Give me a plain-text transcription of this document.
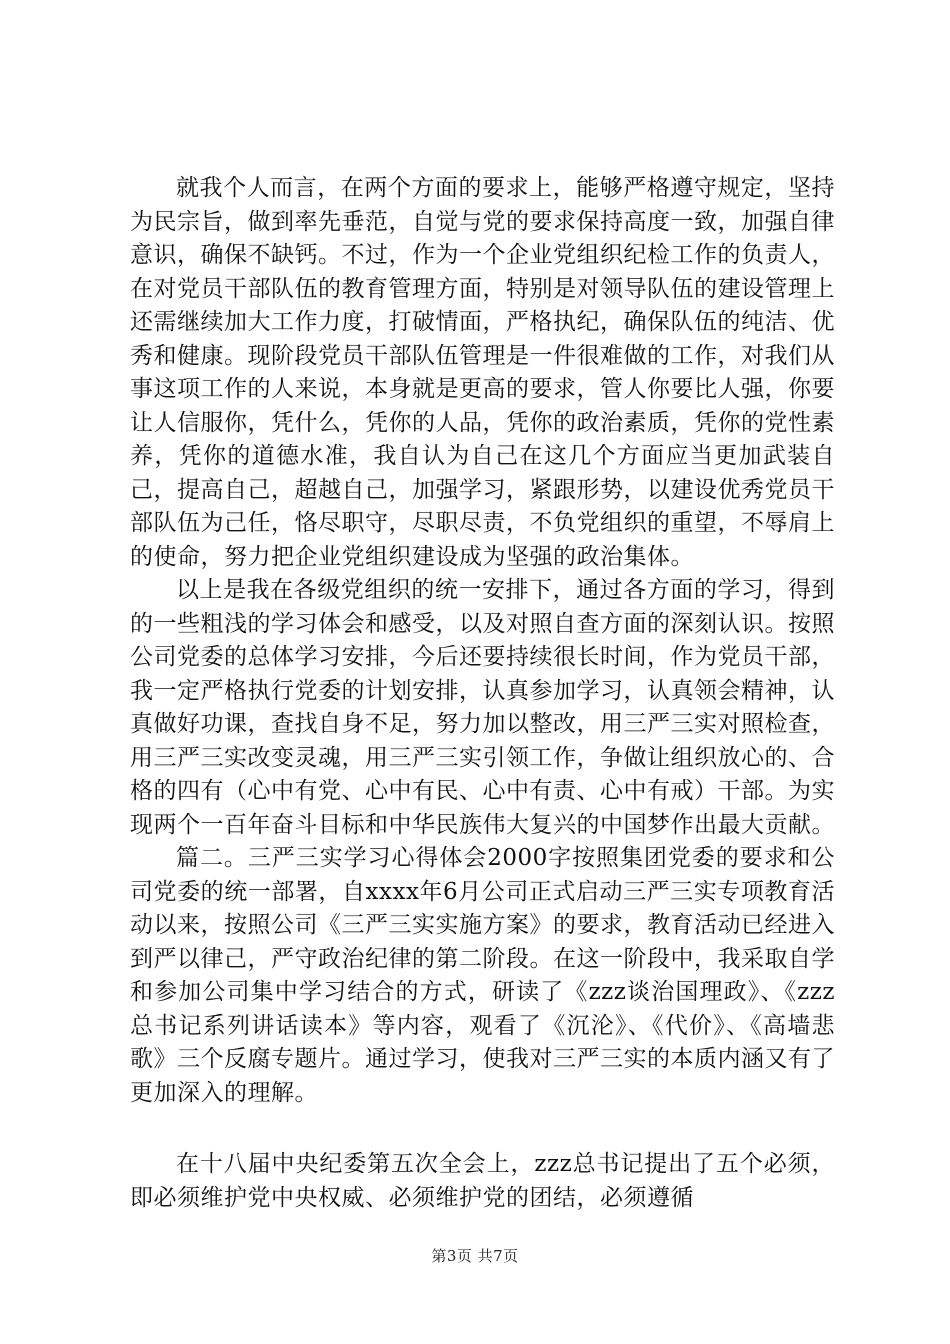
就我个人而言，在两个方面的要求上，能够严格遵守规定，坚持为民宗旨，做到率先垂范，自觉与党的要求保持高度一致，加强自律意识，确保不缺钙。不过，作为一个企业党组织纪检工作的负责人，在对党员干部队伍的教育管理方面，特别是对领导队伍的建设管理上还需继续加大工作力度，打破情面，严格执纪，确保队伍的纯洁、优秀和健康。现阶段党员干部队伍管理是一件很难做的工作，对我们从事这项工作的人来说，本身就是更高的要求，管人你要比人强，你要让人信服你，凭什么，凭你的人品，凭你的政治素质，凭你的党性素养，凭你的道德水准，我自认为自己在这几个方面应当更加武装自己，提高自己，超越自己，加强学习，紧跟形势，以建设优秀党员干部队伍为己任，恪尽职守，尽职尽责，不负党组织的重望，不辱肩上的使命，努力把企业党组织建设成为坚强的政治集体。

以上是我在各级党组织的统一安排下，通过各方面的学习，得到的一些粗浅的学习体会和感受，以及对照自查方面的深刻认识。按照公司党委的总体学习安排，今后还要持续很长时间，作为党员干部，我一定严格执行党委的计划安排，认真参加学习，认真领会精神，认真做好功课，查找自身不足，努力加以整改，用三严三实对照检查，用三严三实改变灵魂，用三严三实引领工作，争做让组织放心的、合格的四有（心中有党、心中有民、心中有责、心中有戒）干部。为实现两个一百年奋斗目标和中华民族伟大复兴的中国梦作出最大贡献。

篇二。三严三实学习心得体会2000字按照集团党委的要求和公司党委的统一部署，自xxxx年6月公司正式启动三严三实专项教育活动以来，按照公司《三严三实实施方案》的要求，教育活动已经进入到严以律己，严守政治纪律的第二阶段。在这一阶段中，我采取自学和参加公司集中学习结合的方式，研读了《zzz谈治国理政》、《zzz总书记系列讲话读本》等内容，观看了《沉沦》、《代价》、《高墙悲歌》三个反腐专题片。通过学习，使我对三严三实的本质内涵又有了更加深入的理解。

在十八届中央纪委第五次全会上，zzz总书记提出了五个必须，即必须维护党中央权威、必须维护党的团结，必须遵循

第3页 共7页
